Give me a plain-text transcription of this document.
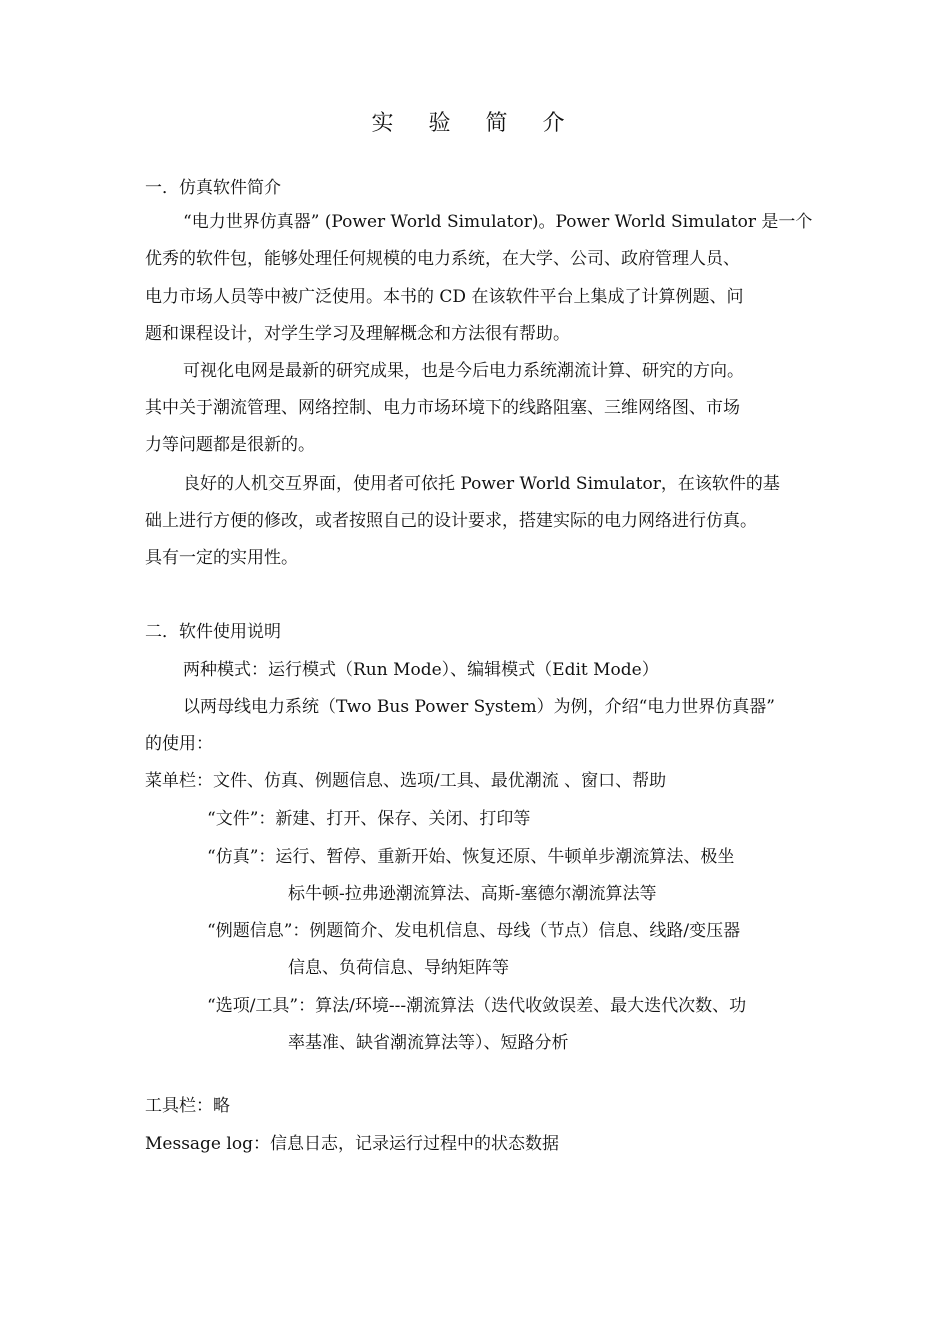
实 验 简 介
一．仿真软件简介
“电力世界仿真器” (Power World Simulator)。Power World Simulator 是一个
优秀的软件包，能够处理任何规模的电力系统，在大学、公司、政府管理人员、
电力市场人员等中被广泛使用。本书的 CD 在该软件平台上集成了计算例题、问
题和课程设计，对学生学习及理解概念和方法很有帮助。
可视化电网是最新的研究成果，也是今后电力系统潮流计算、研究的方向。
其中关于潮流管理、网络控制、电力市场环境下的线路阻塞、三维网络图、市场
力等问题都是很新的。
良好的人机交互界面，使用者可依托 Power World Simulator，在该软件的基
础上进行方便的修改，或者按照自己的设计要求，搭建实际的电力网络进行仿真。
具有一定的实用性。
二．软件使用说明
两种模式：运行模式（Run Mode）、编辑模式（Edit Mode）
以两母线电力系统（Two Bus Power System）为例，介绍“电力世界仿真器”
的使用：
菜单栏：文件、仿真、例题信息、选项/工具、最优潮流 、窗口、帮助
“文件”：新建、打开、保存、关闭、打印等
“仿真”：运行、暂停、重新开始、恢复还原、牛顿单步潮流算法、极坐
标牛顿-拉弗逊潮流算法、高斯-塞德尔潮流算法等
“例题信息”：例题简介、发电机信息、母线（节点）信息、线路/变压器
信息、负荷信息、导纳矩阵等
“选项/工具”：算法/环境---潮流算法（迭代收敛误差、最大迭代次数、功
率基准、缺省潮流算法等）、短路分析
工具栏：略
Message log：信息日志，记录运行过程中的状态数据
